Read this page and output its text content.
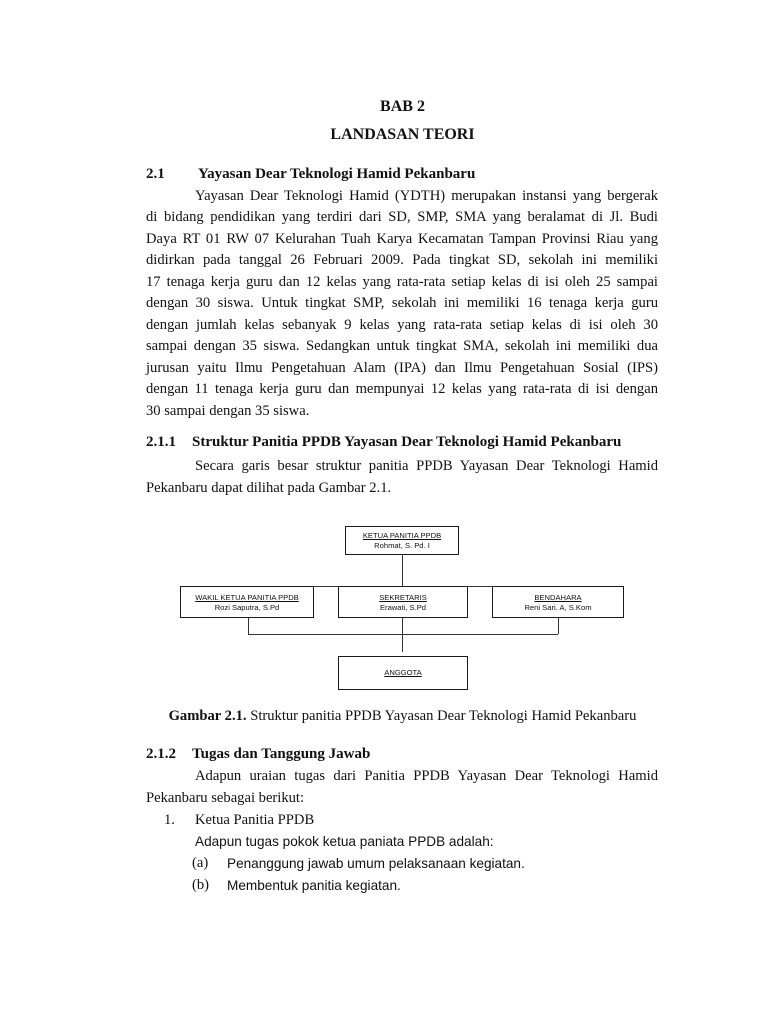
BAB 2
LANDASAN TEORI
2.1 Yayasan Dear Teknologi Hamid Pekanbaru
Yayasan Dear Teknologi Hamid (YDTH) merupakan instansi yang bergerak
di bidang pendidikan yang terdiri dari SD, SMP, SMA yang beralamat di Jl. Budi
Daya RT 01 RW 07 Kelurahan Tuah Karya Kecamatan Tampan Provinsi Riau yang
didirkan pada tanggal 26 Februari 2009. Pada tingkat SD, sekolah ini memiliki
17 tenaga kerja guru dan 12 kelas yang rata-rata setiap kelas di isi oleh 25 sampai
dengan 30 siswa. Untuk tingkat SMP, sekolah ini memiliki 16 tenaga kerja guru
dengan jumlah kelas sebanyak 9 kelas yang rata-rata setiap kelas di isi oleh 30
sampai dengan 35 siswa. Sedangkan untuk tingkat SMA, sekolah ini memiliki dua
jurusan yaitu Ilmu Pengetahuan Alam (IPA) dan Ilmu Pengetahuan Sosial (IPS)
dengan 11 tenaga kerja guru dan mempunyai 12 kelas yang rata-rata di isi dengan
30 sampai dengan 35 siswa.
2.1.1 Struktur Panitia PPDB Yayasan Dear Teknologi Hamid Pekanbaru
Secara garis besar struktur panitia PPDB Yayasan Dear Teknologi Hamid
Pekanbaru dapat dilihat pada Gambar 2.1.
KETUA PANITIA PPDB
Rohmat, S. Pd. I
WAKIL KETUA PANITIA PPDB
Rozi Saputra, S.Pd
SEKRETARIS
Erawati, S.Pd
BENDAHARA
Reni Sari. A, S.Kom
ANGGOTA
Gambar 2.1. Struktur panitia PPDB Yayasan Dear Teknologi Hamid Pekanbaru
2.1.2 Tugas dan Tanggung Jawab
Adapun uraian tugas dari Panitia PPDB Yayasan Dear Teknologi Hamid
Pekanbaru sebagai berikut:
1. Ketua Panitia PPDB
Adapun tugas pokok ketua paniata PPDB adalah:
(a) Penanggung jawab umum pelaksanaan kegiatan.
(b) Membentuk panitia kegiatan.
